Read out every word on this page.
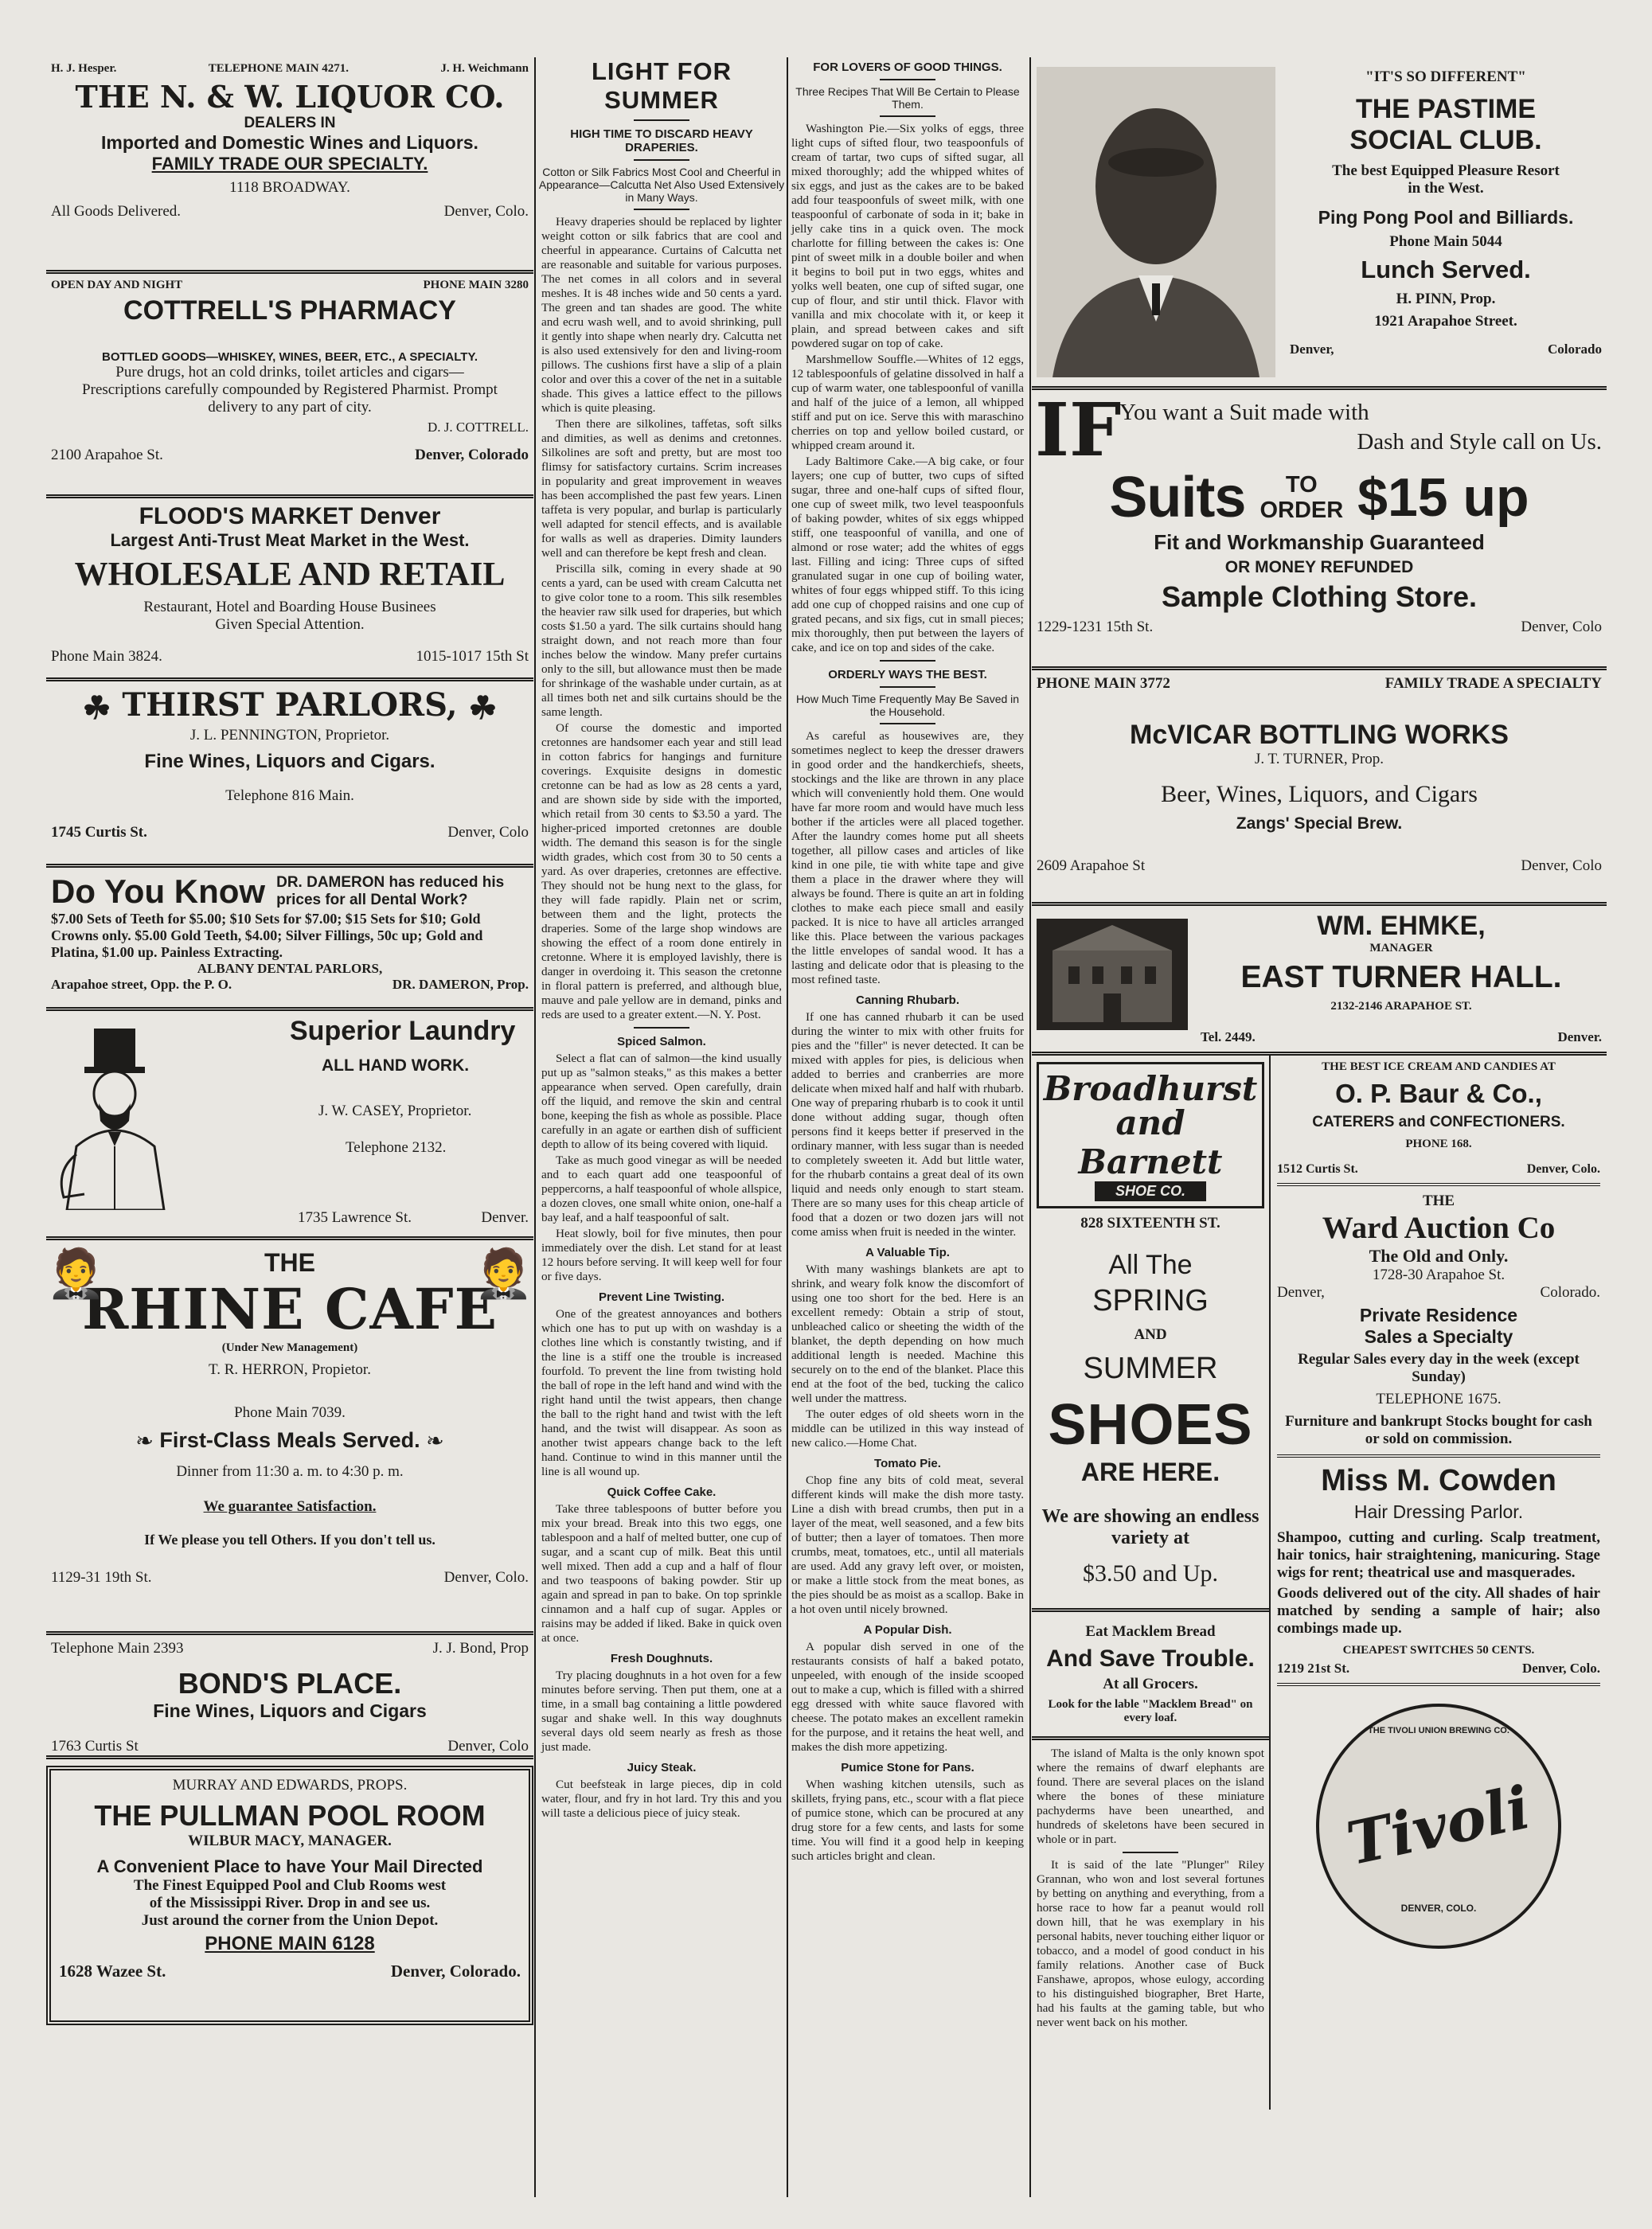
H. J. Hesper.	TELEPHONE MAIN 4271.	J. H. Weichmann
THE N. & W. LIQUOR CO.
DEALERS IN
Imported and Domestic Wines and Liquors.
FAMILY TRADE OUR SPECIALTY.
1118 BROADWAY.
All Goods Delivered.	Denver, Colo.
OPEN DAY AND NIGHT	PHONE MAIN 3280
COTTRELL'S PHARMACY
BOTTLED GOODS—WHISKEY, WINES, BEER, ETC., A SPECIALTY.
Pure drugs, hot an cold drinks, toilet articles and cigars—Prescriptions carefully compounded by Registered Pharmist. Prompt delivery to any part of city.
D. J. COTTRELL.
2100 Arapahoe St.	Denver, Colorado
FLOOD'S MARKET Denver
Largest Anti-Trust Meat Market in the West.
WHOLESALE AND RETAIL
Restaurant, Hotel and Boarding House Businees
Given Special Attention.
Phone Main 3824.	1015-1017 15th St
☘ THIRST PARLORS, ☘
J. L. PENNINGTON, Proprietor.
Fine Wines, Liquors and Cigars.
Telephone 816 Main.
1745 Curtis St.	Denver, Colo
Do You Know DR. DAMERON has reduced his prices for all Dental Work?
$7.00 Sets of Teeth for $5.00; $10 Sets for $7.00; $15 Sets for $10; Gold Crowns only. $5.00 Gold Teeth, $4.00; Silver Fillings, 50c up; Gold and Platina, $1.00 up. Painless Extracting.
ALBANY DENTAL PARLORS,
Arapahoe street, Opp. the P. O.	DR. DAMERON, Prop.
Superior Laundry
ALL HAND WORK.
J. W. CASEY, Proprietor.
Telephone 2132.
1735 Lawrence St.	Denver.
🤵	🤵
THE
RHINE CAFE
(Under New Management)
T. R. HERRON, Propietor.
Phone Main 7039.
❧ First-Class Meals Served. ❧
Dinner from 11:30 a. m. to 4:30 p. m.
We guarantee Satisfaction.
If We please you tell Others. If you don't tell us.
1129-31 19th St.	Denver, Colo.
Telephone Main 2393	J. J. Bond, Prop
BOND'S PLACE.
Fine Wines, Liquors and Cigars
1763 Curtis St	Denver, Colo
MURRAY AND EDWARDS, PROPS.
THE PULLMAN POOL ROOM
WILBUR MACY, MANAGER.
A Convenient Place to have Your Mail Directed
The Finest Equipped Pool and Club Rooms west
of the Mississippi River. Drop in and see us.
Just around the corner from the Union Depot.
PHONE MAIN 6128
1628 Wazee St.	Denver, Colorado.
LIGHT FOR SUMMER
HIGH TIME TO DISCARD HEAVY DRAPERIES.
Cotton or Silk Fabrics Most Cool and Cheerful in Appearance—Calcutta Net Also Used Extensively in Many Ways.

Heavy draperies should be replaced by lighter weight cotton or silk fabrics that are cool and cheerful in appearance. Curtains of Calcutta net are reasonable and suitable for various purposes. The net comes in all colors and in several meshes. It is 48 inches wide and 50 cents a yard. The green and tan shades are good. The white and ecru wash well, and to avoid shrinking, pull it gently into shape when nearly dry. Calcutta net is also used extensively for den and living-room pillows. The cushions first have a slip of a plain color and over this a cover of the net in a suitable shade. This gives a lattice effect to the pillows which is quite pleasing.

Then there are silkolines, taffetas, soft silks and dimities, as well as denims and cretonnes. Silkolines are soft and pretty, but are most too flimsy for satisfactory curtains. Scrim increases in popularity and great improvement in weaves has been accomplished the past few years. Linen taffeta is very popular, and burlap is particularly well adapted for stencil effects, and is available for walls as well as draperies. Dimity launders well and can therefore be kept fresh and clean.

Priscilla silk, coming in every shade at 90 cents a yard, can be used with cream Calcutta net to give color tone to a room. This silk resembles the heavier raw silk used for draperies, but which costs $1.50 a yard. The silk curtains should hang straight down, and not reach more than four inches below the window. Many prefer curtains only to the sill, but allowance must then be made for shrinkage of the washable under curtain, as at all times both net and silk curtains should be the same length.

Of course the domestic and imported cretonnes are handsomer each year and still lead in cotton fabrics for hangings and furniture coverings. Exquisite designs in domestic cretonne can be had as low as 28 cents a yard, and are shown side by side with the imported, which retail from 30 cents to $3.50 a yard. The higher-priced imported cretonnes are double width. The demand this season is for the single width grades, which cost from 30 to 50 cents a yard. As over draperies, cretonnes are effective. They should not be hung next to the glass, for they will fade rapidly. Plain net or scrim, between them and the light, protects the draperies. Some of the large shop windows are showing the effect of a room done entirely in cretonne. Where it is employed lavishly, there is danger in overdoing it. This season the cretonne in floral pattern is preferred, and although blue, mauve and pale yellow are in demand, pinks and reds are used to a greater extent.—N. Y. Post.

Spiced Salmon.

Select a flat can of salmon—the kind usually put up as "salmon steaks," as this makes a better appearance when served. Open carefully, drain off the liquid, and remove the skin and central bone, keeping the fish as whole as possible. Place carefully in an agate or earthen dish of sufficient depth to allow of its being covered with liquid.

Take as much good vinegar as will be needed and to each quart add one teaspoonful of peppercorns, a half teaspoonful of whole allspice, a dozen cloves, one small white onion, one-half a bay leaf, and a half teaspoonful of salt.

Heat slowly, boil for five minutes, then pour immediately over the dish. Let stand for at least 12 hours before serving. It will keep well for four or five days.

Prevent Line Twisting.

One of the greatest annoyances and bothers which one has to put up with on washday is a clothes line which is constantly twisting, and if the line is a stiff one the trouble is increased fourfold. To prevent the line from twisting hold the ball of rope in the left hand and wind with the right hand until the twist appears, then change the ball to the right hand and twist with the left hand, and the twist will disappear. As soon as another twist appears change back to the left hand. Continue to wind in this manner until the line is all wound up.

Quick Coffee Cake.

Take three tablespoons of butter before you mix your bread. Break into this two eggs, one tablespoon and a half of melted butter, one cup of sugar, and a scant cup of milk. Beat this until well mixed. Then add a cup and a half of flour and two teaspoons of baking powder. Stir up again and spread in pan to bake. On top sprinkle cinnamon and a half cup of sugar. Apples or raisins may be added if liked. Bake in quick oven at once.

Fresh Doughnuts.

Try placing doughnuts in a hot oven for a few minutes before serving. Then put them, one at a time, in a small bag containing a little powdered sugar and shake well. In this way doughnuts several days old seem nearly as fresh as those just made.

Juicy Steak.

Cut beefsteak in large pieces, dip in cold water, flour, and fry in hot lard. Try this and you will taste a delicious piece of juicy steak.

FOR LOVERS OF GOOD THINGS.
Three Recipes That Will Be Certain to Please Them.

Washington Pie.—Six yolks of eggs, three light cups of sifted flour, two teaspoonfuls of cream of tartar, two cups of sifted sugar, all mixed thoroughly; add the whipped whites of six eggs, and just as the cakes are to be baked add four teaspoonfuls of sweet milk, with one teaspoonful of carbonate of soda in it; bake in jelly cake tins in a quick oven. The mock charlotte for filling between the cakes is: One pint of sweet milk in a double boiler and when it begins to boil put in two eggs, whites and yolks well beaten, one cup of sifted sugar, one cup of flour, and stir until thick. Flavor with vanilla and mix chocolate with it, or keep it plain, and spread between cakes and sift powdered sugar on top of cake.

Marshmellow Souffle.—Whites of 12 eggs, 12 tablespoonfuls of gelatine dissolved in half a cup of warm water, one tablespoonful of vanilla and half of the juice of a lemon, all whipped stiff and put on ice. Serve this with maraschino cherries on top and yellow boiled custard, or whipped cream around it.

Lady Baltimore Cake.—A big cake, or four layers; one cup of butter, two cups of sifted sugar, three and one-half cups of sifted flour, one cup of sweet milk, two level teaspoonfuls of baking powder, whites of six eggs whipped stiff, one teaspoonful of vanilla, and one of almond or rose water; add the whites of eggs last. Filling and icing: Three cups of sifted granulated sugar in one cup of boiling water, whites of four eggs whipped stiff. To this icing add one cup of chopped raisins and one cup of grated pecans, and six figs, cut in small pieces; mix thoroughly, then put between the layers of cake, and ice on top and sides of the cake.

ORDERLY WAYS THE BEST.
How Much Time Frequently May Be Saved in the Household.

As careful as housewives are, they sometimes neglect to keep the dresser drawers in good order and the handkerchiefs, sheets, stockings and the like are thrown in any place which will conveniently hold them. One would have far more room and would have much less bother if the articles were all placed together. After the laundry comes home put all sheets together, all pillow cases and articles of like kind in one pile, tie with white tape and give them a place in the drawer where they will always be found. There is quite an art in folding clothes to make each piece small and easily packed. It is nice to have all articles arranged like this. Place between the various packages the little envelopes of sandal wood. It has a lasting and delicate odor that is pleasing to the most refined taste.

Canning Rhubarb.

If one has canned rhubarb it can be used during the winter to mix with other fruits for pies and the "filler" is never detected. It can be mixed with apples for pies, is delicious when added to berries and cranberries are more delicate when mixed half and half with rhubarb. One way of preparing rhubarb is to cook it until done without adding sugar, though often persons find it keeps better if preserved in the ordinary manner, with less sugar than is needed to completely sweeten it. Add but little water, for the rhubarb contains a great deal of its own liquid and needs only enough to start steam. There are so many uses for this cheap article of food that a dozen or two dozen jars will not come amiss when fruit is needed in the winter.

A Valuable Tip.

With many washings blankets are apt to shrink, and weary folk know the discomfort of using one too short for the bed. Here is an excellent remedy: Obtain a strip of stout, unbleached calico or sheeting the width of the blanket, the depth depending on how much additional length is needed. Machine this securely on to the end of the blanket. Place this end at the foot of the bed, tucking the calico well under the mattress.

The outer edges of old sheets worn in the middle can be utilized in this way instead of new calico.—Home Chat.

Tomato Pie.

Chop fine any bits of cold meat, several different kinds will make the dish more tasty. Line a dish with bread crumbs, then put in a layer of the meat, well seasoned, and a few bits of butter; then a layer of tomatoes. Then more crumbs, meat, tomatoes, etc., until all materials are used. Add any gravy left over, or moisten, or make a little stock from the meat bones, as the pies should be as moist as a scallop. Bake in a hot oven until nicely browned.

A Popular Dish.

A popular dish served in one of the restaurants consists of half a baked potato, unpeeled, with enough of the inside scooped out to make a cup, which is filled with a shirred egg dressed with white sauce flavored with cheese. The potato makes an excellent ramekin for the purpose, and it retains the heat well, and makes the dish more appetizing.

Pumice Stone for Pans.

When washing kitchen utensils, such as skillets, frying pans, etc., scour with a flat piece of pumice stone, which can be procured at any drug store for a few cents, and lasts for some time. You will find it a good help in keeping such articles bright and clean.

"IT'S SO DIFFERENT"
THE PASTIME
SOCIAL CLUB.
The best Equipped Pleasure Resort
in the West.
Ping Pong Pool and Billiards.
Phone Main 5044
Lunch Served.
H. PINN, Prop.
1921 Arapahoe Street.
Denver,	Colorado
IF
You want a Suit made with
Dash and Style call on Us.
Suits TO
ORDER $15 up
Fit and Workmanship Guaranteed
OR MONEY REFUNDED
Sample Clothing Store.
1229-1231 15th St.	Denver, Colo
PHONE MAIN 3772	FAMILY TRADE A SPECIALTY
McVICAR BOTTLING WORKS
J. T. TURNER, Prop.
Beer, Wines, Liquors, and Cigars
Zangs' Special Brew.
2609 Arapahoe St	Denver, Colo
WM. EHMKE,
MANAGER
EAST TURNER HALL.
2132-2146 ARAPAHOE ST.
Tel. 2449.	Denver.
Broadhurst
and Barnett
SHOE CO.
828 SIXTEENTH ST.
All The
SPRING
AND
SUMMER
SHOES
ARE HERE.
We are showing an endless variety at
$3.50 and Up.
Eat Macklem Bread
And Save Trouble.
At all Grocers.
Look for the lable "Macklem Bread" on every loaf.

The island of Malta is the only known spot where the remains of dwarf elephants are found. There are several places on the island where the bones of these miniature pachyderms have been unearthed, and hundreds of skeletons have been secured in whole or in part.

It is said of the late "Plunger" Riley Grannan, who won and lost several fortunes by betting on anything and everything, from a horse race to how far a peanut would roll down hill, that he was exemplary in his personal habits, never touching either liquor or tobacco, and a model of good conduct in his family relations. Another case of Buck Fanshawe, apropos, whose eulogy, according to his distinguished biographer, Bret Harte, had his faults at the gaming table, but who never went back on his mother.

THE BEST ICE CREAM AND CANDIES AT
O. P. Baur & Co.,
CATERERS and CONFECTIONERS.
PHONE 168.
1512 Curtis St.	Denver, Colo.
THE
Ward Auction Co
The Old and Only.
1728-30 Arapahoe St.
Denver,	Colorado.
Private Residence
Sales a Specialty
Regular Sales every day in the week (except Sunday)
TELEPHONE 1675.
Furniture and bankrupt Stocks bought for cash or sold on commission.
Miss M. Cowden
Hair Dressing Parlor.
Shampoo, cutting and curling. Scalp treatment, hair tonics, hair straightening, manicuring. Stage wigs for rent; theatrical use and masquerades.
Goods delivered out of the city. All shades of hair matched by sending a sample of hair; also combings made up.
CHEAPEST SWITCHES 50 CENTS.
1219 21st St.	Denver, Colo.
THE TIVOLI UNION BREWING CO.
Tivoli
DENVER, COLO.
